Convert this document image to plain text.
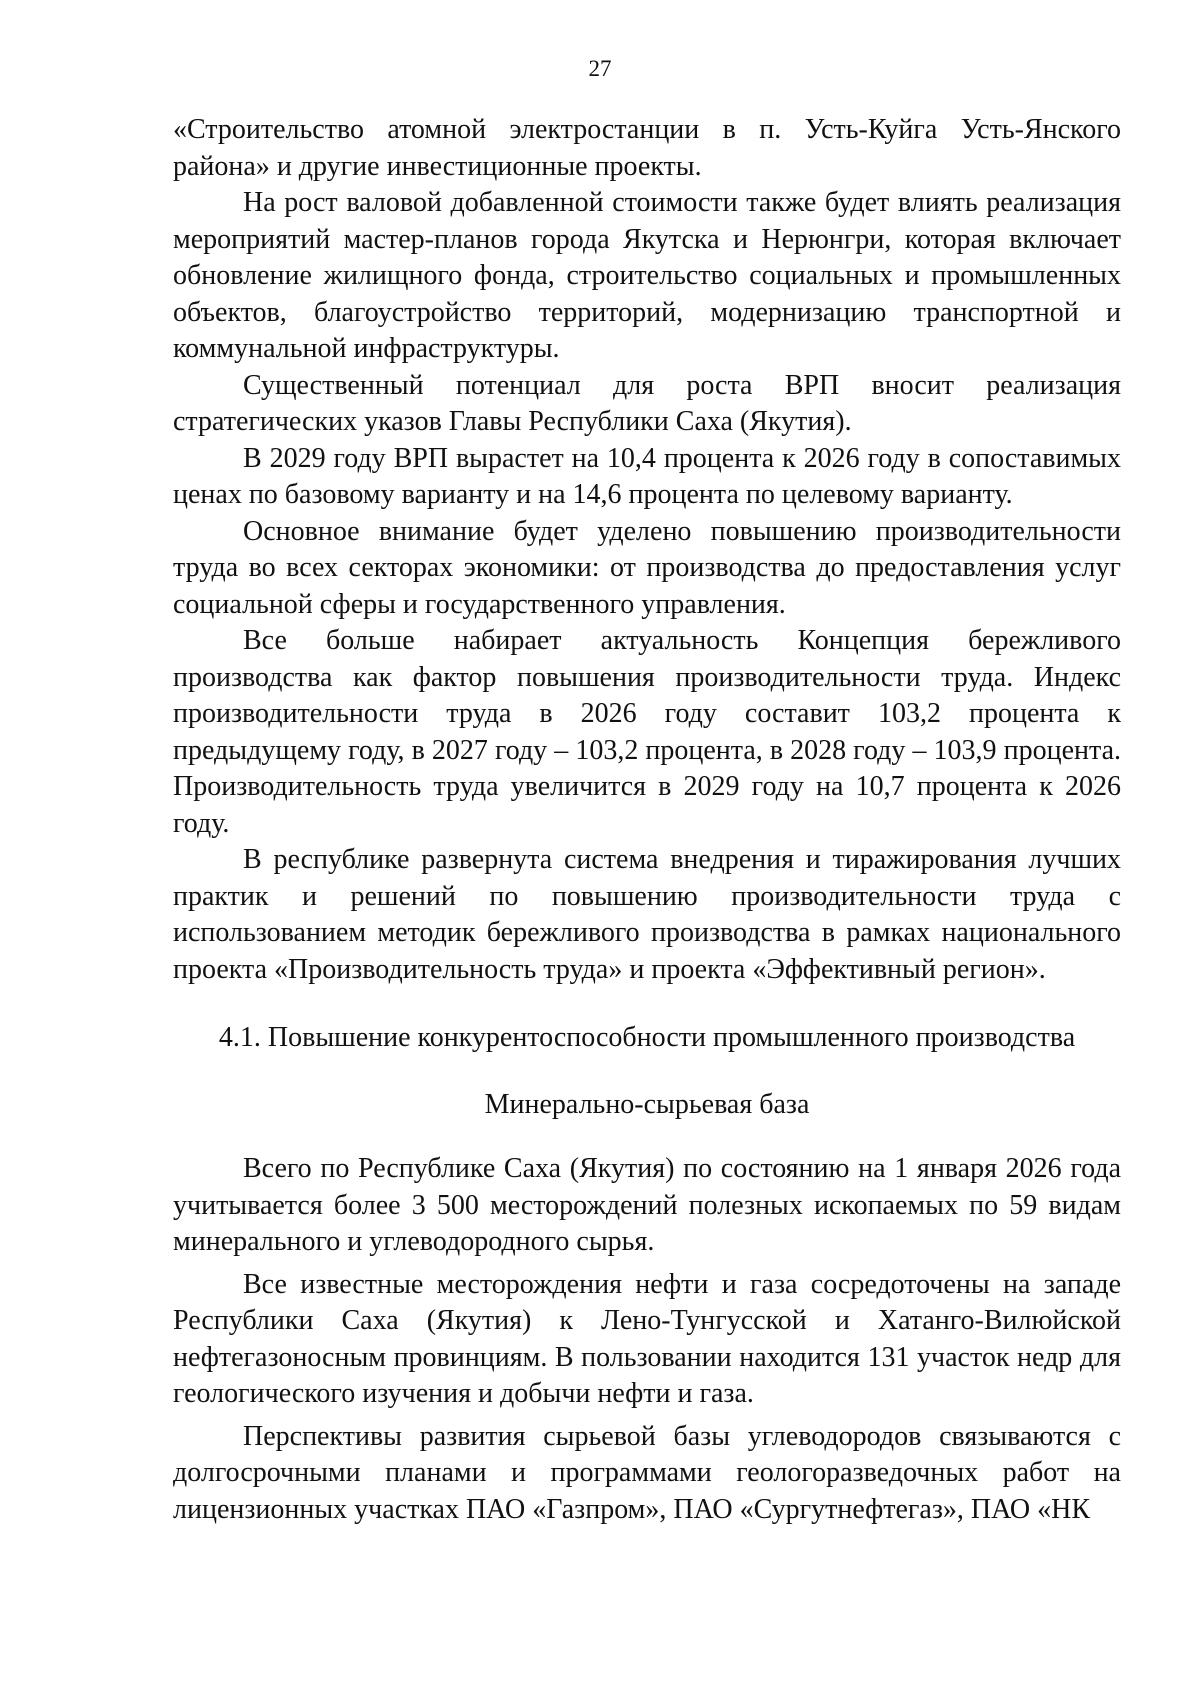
27

«Строительство атомной электростанции в п. Усть-Куйга Усть-Янского района» и другие инвестиционные проекты.

На рост валовой добавленной стоимости также будет влиять реализация мероприятий мастер-планов города Якутска и Нерюнгри, которая включает обновление жилищного фонда, строительство социальных и промышленных объектов, благоустройство территорий, модернизацию транспортной и коммунальной инфраструктуры.

Существенный потенциал для роста ВРП вносит реализация стратегических указов Главы Республики Саха (Якутия).

В 2029 году ВРП вырастет на 10,4 процента к 2026 году в сопоставимых ценах по базовому варианту и на 14,6 процента по целевому варианту.

Основное внимание будет уделено повышению производительности труда во всех секторах экономики: от производства до предоставления услуг социальной сферы и государственного управления.

Все больше набирает актуальность Концепция бережливого производства как фактор повышения производительности труда. Индекс производительности труда в 2026 году составит 103,2 процента к предыдущему году, в 2027 году – 103,2 процента, в 2028 году – 103,9 процента. Производительность труда увеличится в 2029 году на 10,7 процента к 2026 году.

В республике развернута система внедрения и тиражирования лучших практик и решений по повышению производительности труда с использованием методик бережливого производства в рамках национального проекта «Производительность труда» и проекта «Эффективный регион».

4.1. Повышение конкурентоспособности промышленного производства

Минерально-сырьевая база

Всего по Республике Саха (Якутия) по состоянию на 1 января 2026 года учитывается более 3 500 месторождений полезных ископаемых по 59 видам минерального и углеводородного сырья.

Все известные месторождения нефти и газа сосредоточены на западе Республики Саха (Якутия) к Лено-Тунгусской и Хатанго-Вилюйской нефтегазоносным провинциям. В пользовании находится 131 участок недр для геологического изучения и добычи нефти и газа.

Перспективы развития сырьевой базы углеводородов связываются с долгосрочными планами и программами геологоразведочных работ на лицензионных участках ПАО «Газпром», ПАО «Сургутнефтегаз», ПАО «НК
